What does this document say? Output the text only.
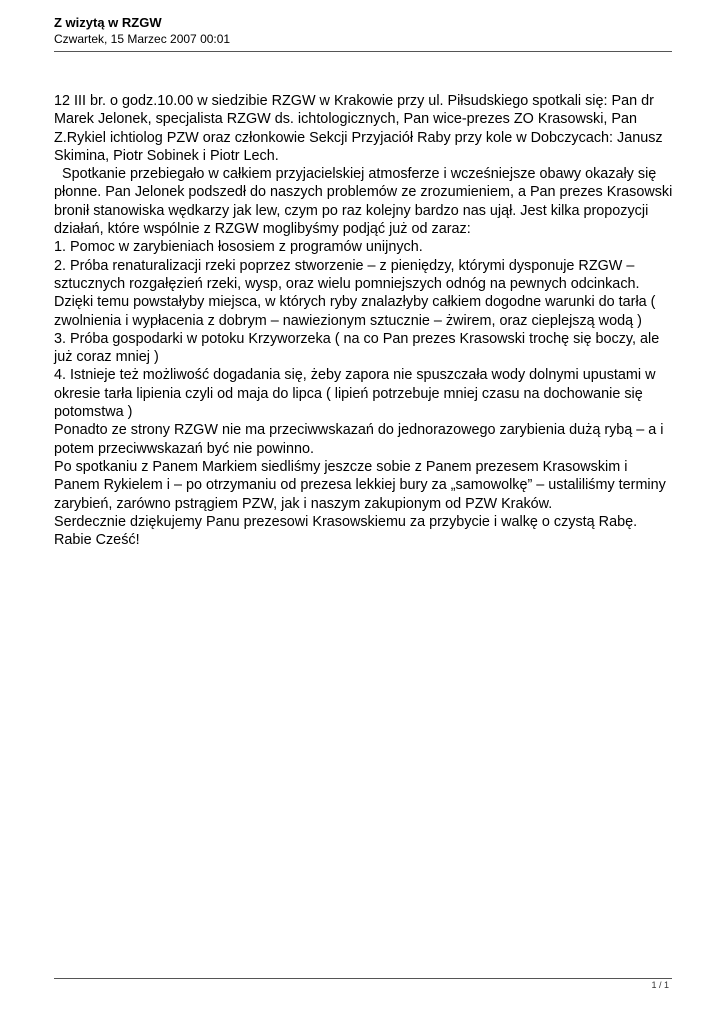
Z wizytą w RZGW
Czwartek, 15 Marzec 2007 00:01

12 III br. o godz.10.00 w siedzibie RZGW w Krakowie przy ul. Piłsudskiego spotkali się: Pan dr Marek Jelonek, specjalista RZGW ds. ichtologicznych, Pan wice-prezes ZO Krasowski, Pan Z.Rykiel ichtiolog PZW oraz członkowie Sekcji Przyjaciół Raby przy kole w Dobczycach: Janusz Skimina, Piotr Sobinek i Piotr Lech.

Spotkanie przebiegało w całkiem przyjacielskiej atmosferze i wcześniejsze obawy okazały się płonne. Pan Jelonek podszedł do naszych problemów ze zrozumieniem, a Pan prezes Krasowski bronił stanowiska wędkarzy jak lew, czym po raz kolejny bardzo nas ujął. Jest kilka propozycji działań, które wspólnie z RZGW moglibyśmy podjąć już od zaraz:

1. Pomoc w zarybieniach łososiem z programów unijnych.

2. Próba renaturalizacji rzeki poprzez stworzenie – z pieniędzy, którymi dysponuje RZGW – sztucznych rozgałęzień rzeki, wysp, oraz wielu pomniejszych odnóg na pewnych odcinkach. Dzięki temu powstałyby miejsca, w których ryby znalazłyby całkiem dogodne warunki do tarła ( zwolnienia i wypłacenia z dobrym – nawiezionym sztucznie – żwirem, oraz cieplejszą wodą )

3. Próba gospodarki w potoku Krzyworzeka ( na co Pan prezes Krasowski trochę się boczy, ale już coraz mniej )

4. Istnieje też możliwość dogadania się, żeby zapora nie spuszczała wody dolnymi upustami w okresie tarła lipienia czyli od maja do lipca ( lipień potrzebuje mniej czasu na dochowanie się potomstwa )

Ponadto ze strony RZGW nie ma przeciwwskazań do jednorazowego zarybienia dużą rybą – a i potem przeciwwskazań być nie powinno.

Po spotkaniu z Panem Markiem siedliśmy jeszcze sobie z Panem prezesem Krasowskim i Panem Rykielem i – po otrzymaniu od prezesa lekkiej bury za „samowolkę” – ustaliliśmy terminy zarybień, zarówno pstrągiem PZW, jak i naszym zakupionym od PZW Kraków.

Serdecznie dziękujemy Panu prezesowi Krasowskiemu za przybycie i walkę o czystą Rabę.

Rabie Cześć!

1 / 1
